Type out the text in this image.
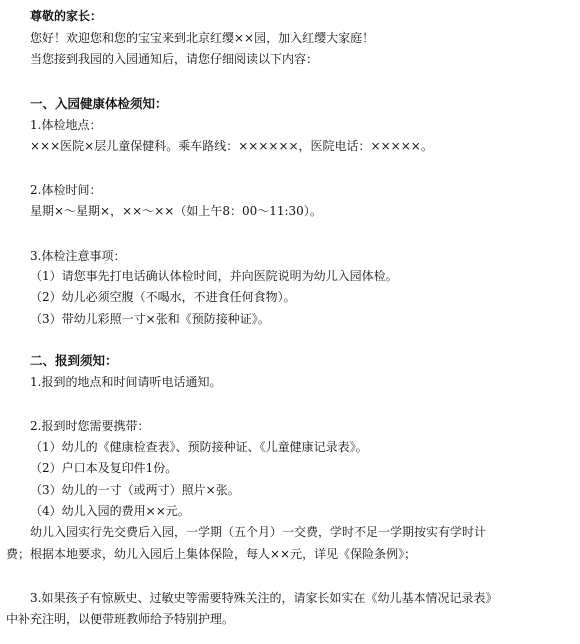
尊敬的家长：
您好！欢迎您和您的宝宝来到北京红缨××园，加入红缨大家庭！
当您接到我园的入园通知后，请您仔细阅读以下内容：
一、入园健康体检须知：
1.体检地点：
×××医院×层儿童保健科。乘车路线：××××××，医院电话：×××××。
2.体检时间：
星期×～星期×，××～××（如上午8：00～11:30）。
3.体检注意事项：
（1）请您事先打电话确认体检时间，并向医院说明为幼儿入园体检。
（2）幼儿必须空腹（不喝水，不进食任何食物）。
（3）带幼儿彩照一寸×张和《预防接种证》。
二、报到须知：
1.报到的地点和时间请听电话通知。
2.报到时您需要携带：
（1）幼儿的《健康检查表》、预防接种证、《儿童健康记录表》。
（2）户口本及复印件1份。
（3）幼儿的一寸（或两寸）照片×张。
（4）幼儿入园的费用××元。
幼儿入园实行先交费后入园，一学期（五个月）一交费，学时不足一学期按实有学时计
费；根据本地要求，幼儿入园后上集体保险，每人××元，详见《保险条例》；
3.如果孩子有惊厥史、过敏史等需要特殊关注的，请家长如实在《幼儿基本情况记录表》
中补充注明，以便带班教师给予特别护理。
